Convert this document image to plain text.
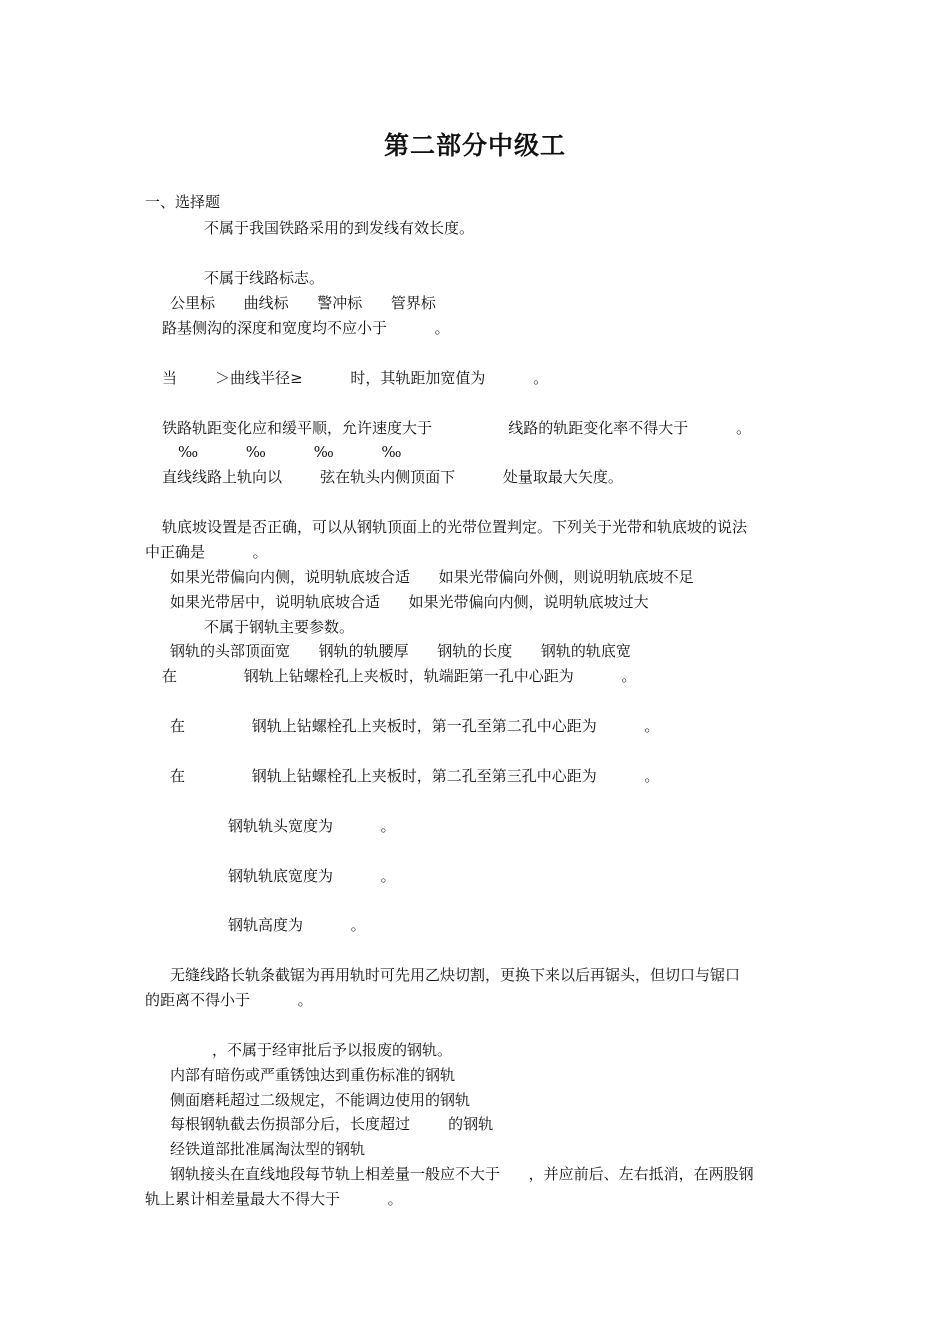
第二部分中级工
一、选择题
不属于我国铁路采用的到发线有效长度。
不属于线路标志。
公里标      曲线标      警冲标      管界标
路基侧沟的深度和宽度均不应小于          。
当        ＞曲线半径≥          时，其轨距加宽值为          。
铁路轨距变化应和缓平顺，允许速度大于                线路的轨距变化率不得大于          。
‰          ‰          ‰          ‰
直线线路上轨向以        弦在轨头内侧顶面下          处量取最大矢度。
轨底坡设置是否正确，可以从钢轨顶面上的光带位置判定。下列关于光带和轨底坡的说法
中正确是          。
如果光带偏向内侧，说明轨底坡合适      如果光带偏向外侧，则说明轨底坡不足
如果光带居中，说明轨底坡合适      如果光带偏向内侧，说明轨底坡过大
不属于钢轨主要参数。
钢轨的头部顶面宽      钢轨的轨腰厚      钢轨的长度      钢轨的轨底宽
在              钢轨上钻螺栓孔上夹板时，轨端距第一孔中心距为          。
在              钢轨上钻螺栓孔上夹板时，第一孔至第二孔中心距为          。
在              钢轨上钻螺栓孔上夹板时，第二孔至第三孔中心距为          。
钢轨轨头宽度为          。
钢轨轨底宽度为          。
钢轨高度为          。
无缝线路长轨条截锯为再用轨时可先用乙炔切割，更换下来以后再锯头，但切口与锯口
的距离不得小于          。
，不属于经审批后予以报废的钢轨。
内部有暗伤或严重锈蚀达到重伤标准的钢轨
侧面磨耗超过二级规定，不能调边使用的钢轨
每根钢轨截去伤损部分后，长度超过        的钢轨
经铁道部批准属淘汰型的钢轨
钢轨接头在直线地段每节轨上相差量一般应不大于      ，并应前后、左右抵消，在两股钢
轨上累计相差量最大不得大于          。
